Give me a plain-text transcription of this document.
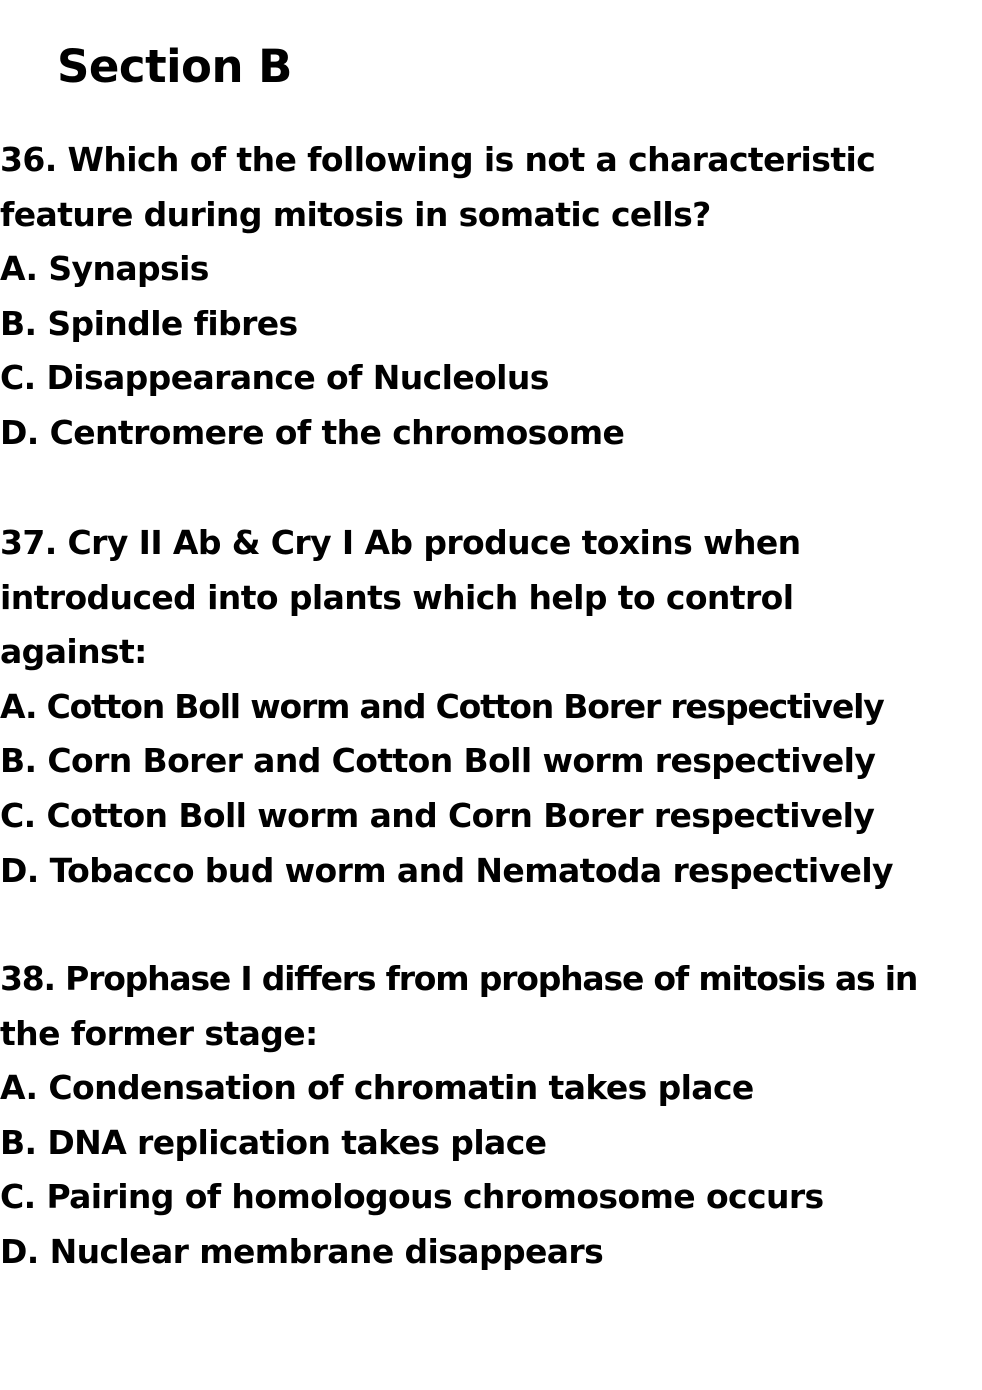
Section B
36. Which of the following is not a characteristic
feature during mitosis in somatic cells?
A. Synapsis
B. Spindle fibres
C. Disappearance of Nucleolus
D. Centromere of the chromosome
37. Cry II Ab & Cry I Ab produce toxins when
introduced into plants which help to control
against:
A. Cotton Boll worm and Cotton Borer respectively
B. Corn Borer and Cotton Boll worm respectively
C. Cotton Boll worm and Corn Borer respectively
D. Tobacco bud worm and Nematoda respectively
38. Prophase I differs from prophase of mitosis as in
the former stage:
A. Condensation of chromatin takes place
B. DNA replication takes place
C. Pairing of homologous chromosome occurs
D. Nuclear membrane disappears
